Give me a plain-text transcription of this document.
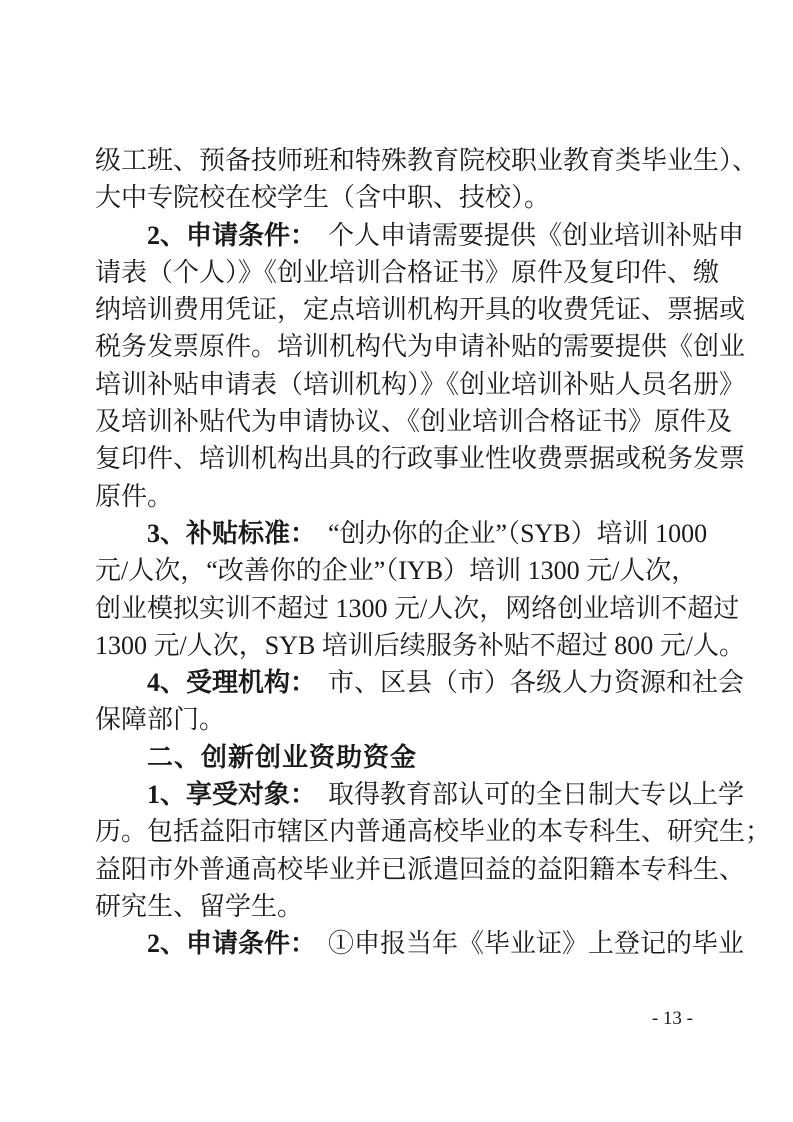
级工班、预备技师班和特殊教育院校职业教育类毕业生）、
大中专院校在校学生（含中职、技校）。
2、申请条件： 个人申请需要提供《创业培训补贴申
请表（个人）》《创业培训合格证书》原件及复印件、缴
纳培训费用凭证，定点培训机构开具的收费凭证、票据或
税务发票原件。培训机构代为申请补贴的需要提供《创业
培训补贴申请表（培训机构）》《创业培训补贴人员名册》
及培训补贴代为申请协议、《创业培训合格证书》原件及
复印件、培训机构出具的行政事业性收费票据或税务发票
原件。
3、补贴标准： “创办你的企业”（SYB）培训 1000
元/人次，“改善你的企业”（IYB）培训 1300 元/人次，
创业模拟实训不超过 1300 元/人次，网络创业培训不超过
1300 元/人次，SYB 培训后续服务补贴不超过 800 元/人。
4、受理机构： 市、区县（市）各级人力资源和社会
保障部门。
二、创新创业资助资金
1、享受对象： 取得教育部认可的全日制大专以上学
历。包括益阳市辖区内普通高校毕业的本专科生、研究生；
益阳市外普通高校毕业并已派遣回益的益阳籍本专科生、
研究生、留学生。
2、申请条件： ①申报当年《毕业证》上登记的毕业
- 13 -
